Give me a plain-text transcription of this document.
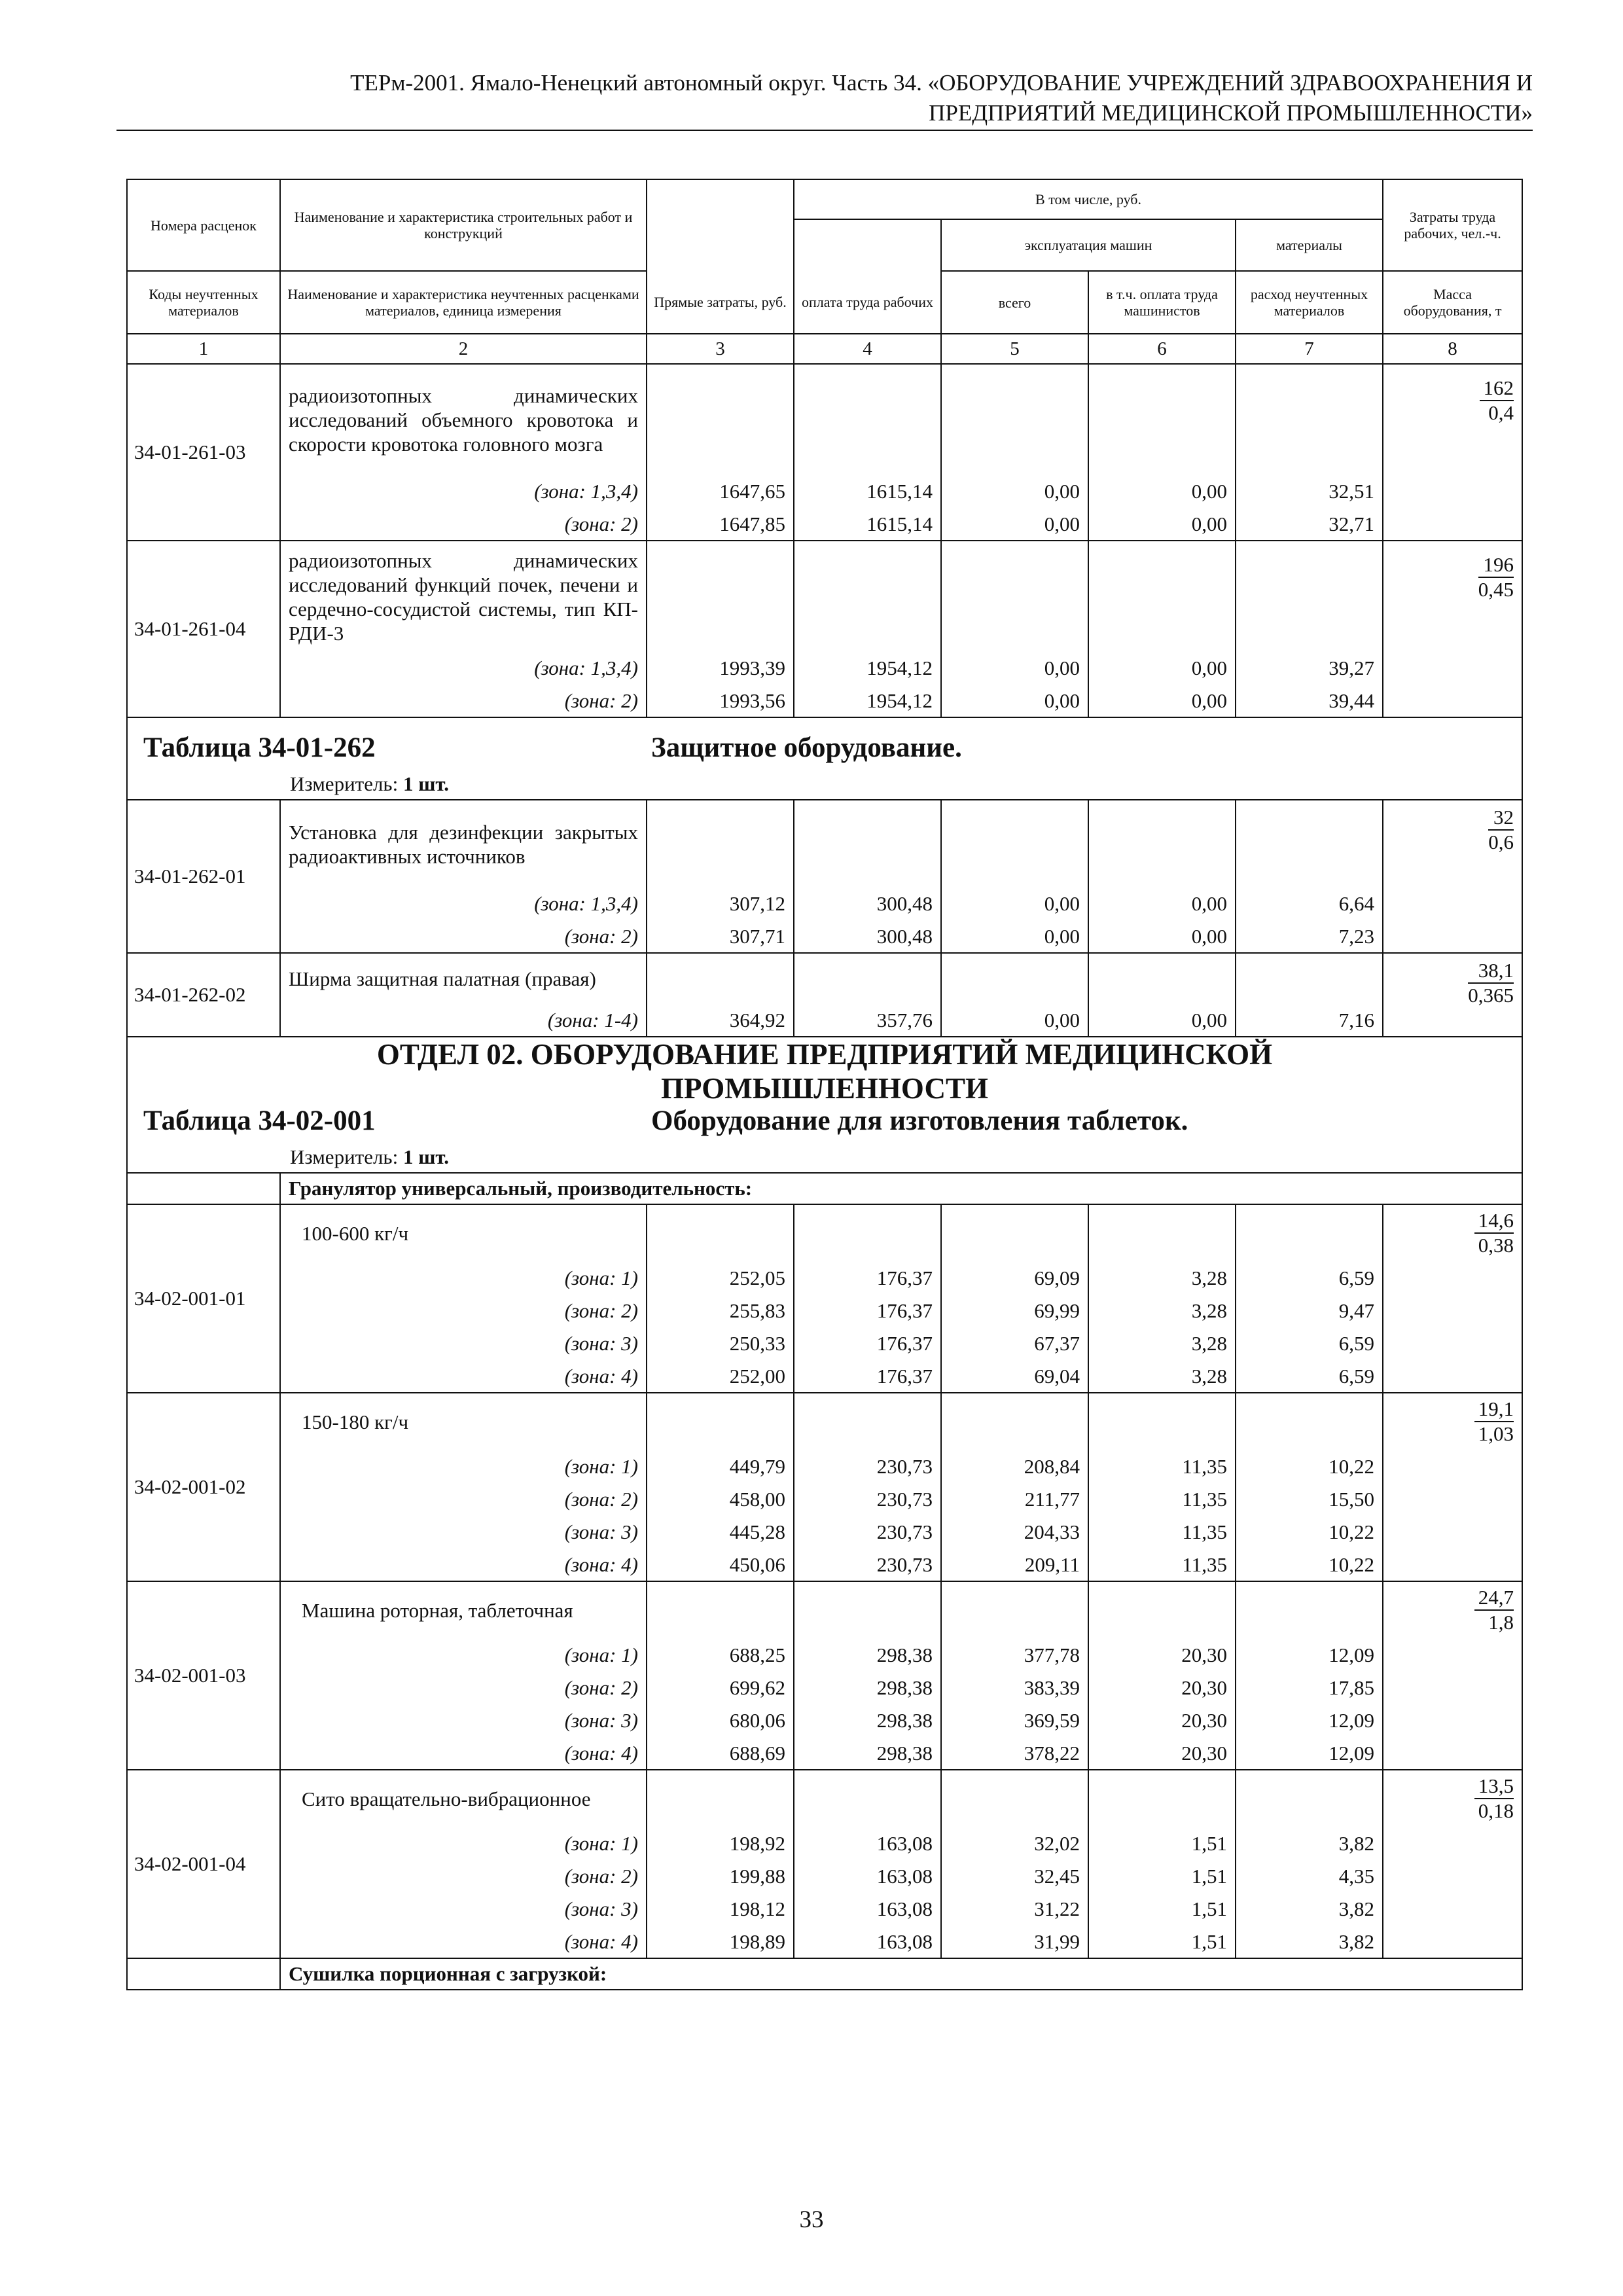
ТЕРм-2001. Ямало-Ненецкий автономный округ. Часть 34. «ОБОРУДОВАНИЕ УЧРЕЖДЕНИЙ ЗДРАВООХРАНЕНИЯ И
ПРЕДПРИЯТИЙ МЕДИЦИНСКОЙ ПРОМЫШЛЕННОСТИ»
Номера расценок	Наименование и характеристика строительных работ и конструкций		В том числе, руб.				Затраты труда рабочих, чел.-ч.
				эксплуатация машин		материалы	
Коды неучтенных материалов	Наименование и характеристика неучтенных расценками материалов, единица измерения	Прямые затраты, руб.	оплата труда рабочих	всего	в т.ч. оплата труда машинистов	расход неучтенных материалов	Масса оборудования, т
1	2	3	4	5	6	7	8
34-01-261-03	радиоизотопных динамических исследований объемного кровотока и скорости кровотока головного мозга						$\frac{162}{0,4}$

	(зона: 1,3,4)	1647,65	1615,14	0,00	0,00	32,51	
	(зона: 2)	1647,85	1615,14	0,00	0,00	32,71	
34-01-261-04	радиоизотопных динамических исследований функций почек, печени и сердечно-сосудистой системы, тип КП-РДИ-3						$\frac{196}{0,45}$

	(зона: 1,3,4)	1993,39	1954,12	0,00	0,00	39,27	
	(зона: 2)	1993,56	1954,12	0,00	0,00	39,44	

Таблица 34-01-262 Защитное оборудование.
Измеритель: 1 шт.							

34-01-262-01	Установка для дезинфекции закрытых радиоактивных источников						$\frac{32}{0,6}$

	(зона: 1,3,4)	307,12	300,48	0,00	0,00	6,64	
	(зона: 2)	307,71	300,48	0,00	0,00	7,23	
34-01-262-02	Ширма защитная палатная (правая)						$\frac{38,1}{0,365}$

	(зона: 1-4)	364,92	357,76	0,00	0,00	7,16	

ОТДЕЛ 02. ОБОРУДОВАНИЕ ПРЕДПРИЯТИЙ МЕДИЦИНСКОЙ
ПРОМЫШЛЕННОСТИ							

Таблица 34-02-001 Оборудование для изготовления таблеток.
Измеритель: 1 шт.							

	Гранулятор универсальный, производительность:						
34-02-001-01	100-600 кг/ч						$\frac{14,6}{0,38}$

	(зона: 1)	252,05	176,37	69,09	3,28	6,59	
	(зона: 2)	255,83	176,37	69,99	3,28	9,47	
	(зона: 3)	250,33	176,37	67,37	3,28	6,59	
	(зона: 4)	252,00	176,37	69,04	3,28	6,59	
34-02-001-02	150-180 кг/ч						$\frac{19,1}{1,03}$

	(зона: 1)	449,79	230,73	208,84	11,35	10,22	
	(зона: 2)	458,00	230,73	211,77	11,35	15,50	
	(зона: 3)	445,28	230,73	204,33	11,35	10,22	
	(зона: 4)	450,06	230,73	209,11	11,35	10,22	
34-02-001-03	Машина роторная, таблеточная						$\frac{24,7}{1,8}$

	(зона: 1)	688,25	298,38	377,78	20,30	12,09	
	(зона: 2)	699,62	298,38	383,39	20,30	17,85	
	(зона: 3)	680,06	298,38	369,59	20,30	12,09	
	(зона: 4)	688,69	298,38	378,22	20,30	12,09	
34-02-001-04	Сито вращательно-вибрационное						$\frac{13,5}{0,18}$

	(зона: 1)	198,92	163,08	32,02	1,51	3,82	
	(зона: 2)	199,88	163,08	32,45	1,51	4,35	
	(зона: 3)	198,12	163,08	31,22	1,51	3,82	
	(зона: 4)	198,89	163,08	31,99	1,51	3,82	
	Сушилка порционная с загрузкой:						
33
